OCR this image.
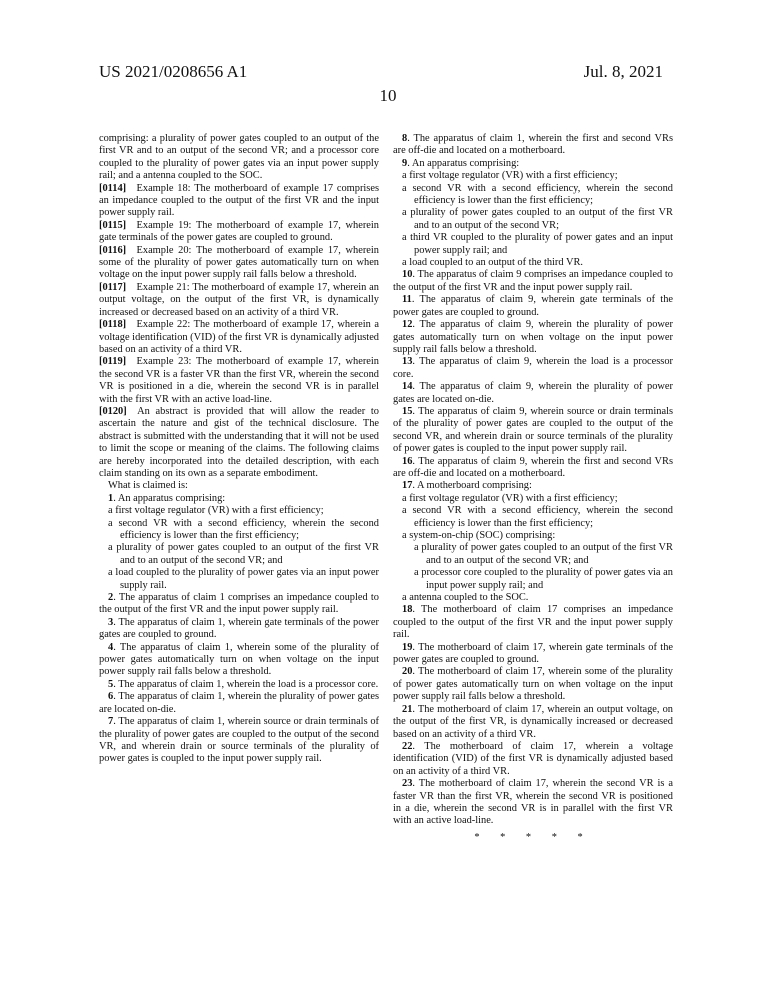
US 2021/0208656 A1	Jul. 8, 2021
10

comprising: a plurality of power gates coupled to an output of the first VR and to an output of the second VR; and a processor core coupled to the plurality of power gates via an input power supply rail; and a antenna coupled to the SOC.

[0114]  Example 18: The motherboard of example 17 comprises an impedance coupled to the output of the first VR and the input power supply rail.

[0115]  Example 19: The motherboard of example 17, wherein gate terminals of the power gates are coupled to ground.

[0116]  Example 20: The motherboard of example 17, wherein some of the plurality of power gates automatically turn on when voltage on the input power supply rail falls below a threshold.

[0117]  Example 21: The motherboard of example 17, wherein an output voltage, on the output of the first VR, is dynamically increased or decreased based on an activity of a third VR.

[0118]  Example 22: The motherboard of example 17, wherein a voltage identification (VID) of the first VR is dynamically adjusted based on an activity of a third VR.

[0119]  Example 23: The motherboard of example 17, wherein the second VR is a faster VR than the first VR, wherein the second VR is positioned in a die, wherein the second VR is in parallel with the first VR with an active load-line.

[0120]  An abstract is provided that will allow the reader to ascertain the nature and gist of the technical disclosure. The abstract is submitted with the understanding that it will not be used to limit the scope or meaning of the claims. The following claims are hereby incorporated into the detailed description, with each claim standing on its own as a separate embodiment.

What is claimed is:

1. An apparatus comprising:

a first voltage regulator (VR) with a first efficiency;

a second VR with a second efficiency, wherein the second efficiency is lower than the first efficiency;

a plurality of power gates coupled to an output of the first VR and to an output of the second VR; and

a load coupled to the plurality of power gates via an input power supply rail.

2. The apparatus of claim 1 comprises an impedance coupled to the output of the first VR and the input power supply rail.

3. The apparatus of claim 1, wherein gate terminals of the power gates are coupled to ground.

4. The apparatus of claim 1, wherein some of the plurality of power gates automatically turn on when voltage on the input power supply rail falls below a threshold.

5. The apparatus of claim 1, wherein the load is a processor core.

6. The apparatus of claim 1, wherein the plurality of power gates are located on-die.

7. The apparatus of claim 1, wherein source or drain terminals of the plurality of power gates are coupled to the output of the second VR, and wherein drain or source terminals of the plurality of power gates is coupled to the input power supply rail.

8. The apparatus of claim 1, wherein the first and second VRs are off-die and located on a motherboard.

9. An apparatus comprising:

a first voltage regulator (VR) with a first efficiency;

a second VR with a second efficiency, wherein the second efficiency is lower than the first efficiency;

a plurality of power gates coupled to an output of the first VR and to an output of the second VR;

a third VR coupled to the plurality of power gates and an input power supply rail; and

a load coupled to an output of the third VR.

10. The apparatus of claim 9 comprises an impedance coupled to the output of the first VR and the input power supply rail.

11. The apparatus of claim 9, wherein gate terminals of the power gates are coupled to ground.

12. The apparatus of claim 9, wherein the plurality of power gates automatically turn on when voltage on the input power supply rail falls below a threshold.

13. The apparatus of claim 9, wherein the load is a processor core.

14. The apparatus of claim 9, wherein the plurality of power gates are located on-die.

15. The apparatus of claim 9, wherein source or drain terminals of the plurality of power gates are coupled to the output of the second VR, and wherein drain or source terminals of the plurality of power gates is coupled to the input power supply rail.

16. The apparatus of claim 9, wherein the first and second VRs are off-die and located on a motherboard.

17. A motherboard comprising:

a first voltage regulator (VR) with a first efficiency;

a second VR with a second efficiency, wherein the second efficiency is lower than the first efficiency;

a system-on-chip (SOC) comprising:

a plurality of power gates coupled to an output of the first VR and to an output of the second VR; and

a processor core coupled to the plurality of power gates via an input power supply rail; and

a antenna coupled to the SOC.

18. The motherboard of claim 17 comprises an impedance coupled to the output of the first VR and the input power supply rail.

19. The motherboard of claim 17, wherein gate terminals of the power gates are coupled to ground.

20. The motherboard of claim 17, wherein some of the plurality of power gates automatically turn on when voltage on the input power supply rail falls below a threshold.

21. The motherboard of claim 17, wherein an output voltage, on the output of the first VR, is dynamically increased or decreased based on an activity of a third VR.

22. The motherboard of claim 17, wherein a voltage identification (VID) of the first VR is dynamically adjusted based on an activity of a third VR.

23. The motherboard of claim 17, wherein the second VR is a faster VR than the first VR, wherein the second VR is positioned in a die, wherein the second VR is in parallel with the first VR with an active load-line.

* * * * *
